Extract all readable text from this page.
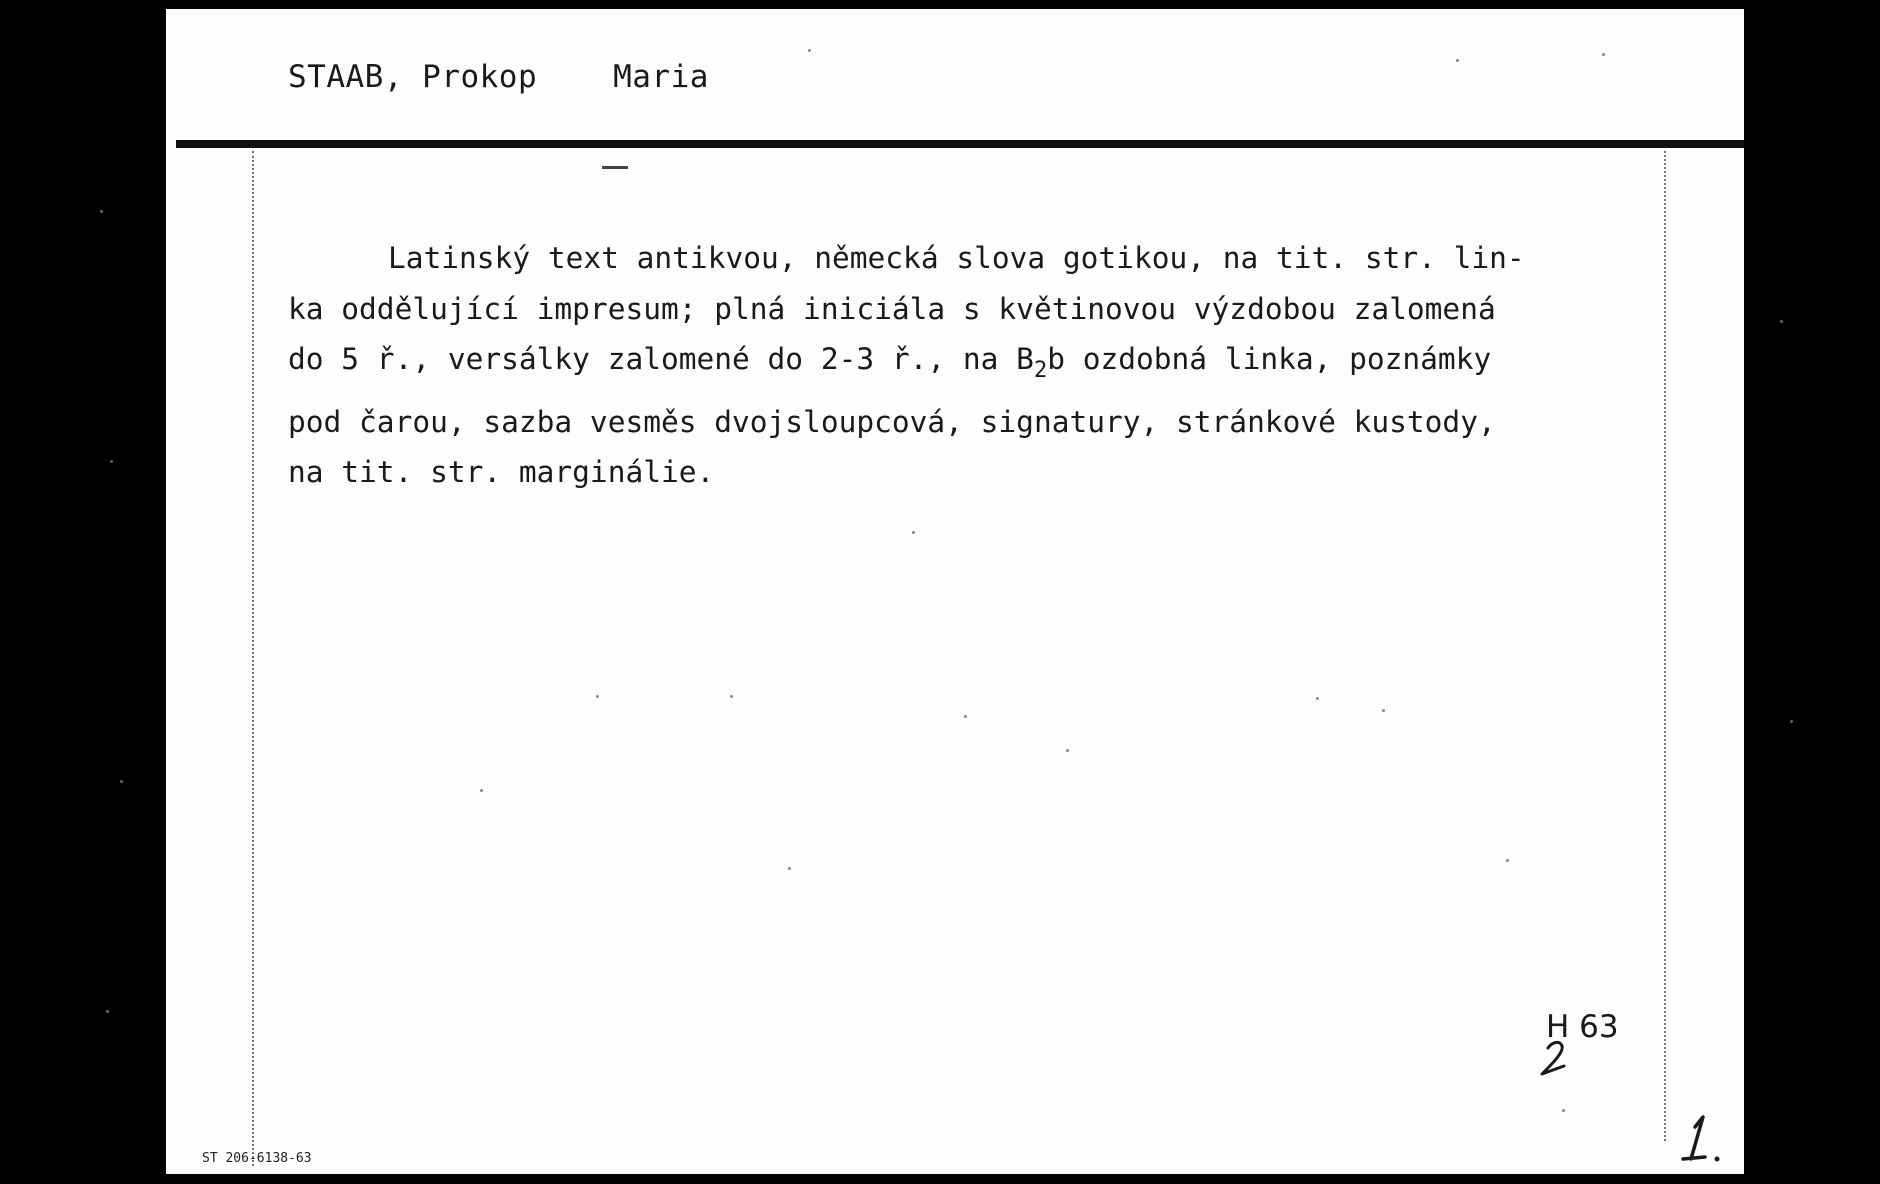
STAAB, Prokop Maria
Latinský text antikvou, německá slova gotikou, na tit. str. lin-
ka oddělující impresum; plná iniciála s květinovou výzdobou zalomená
do 5 ř., versálky zalomené do 2-3 ř., na $B_2b$ ozdobná linka, poznámky
pod čarou, sazba vesměs dvojsloupcová, signatury, stránkové kustody,
na tit. str. marginálie.
H 63
ST 206-6138-63
